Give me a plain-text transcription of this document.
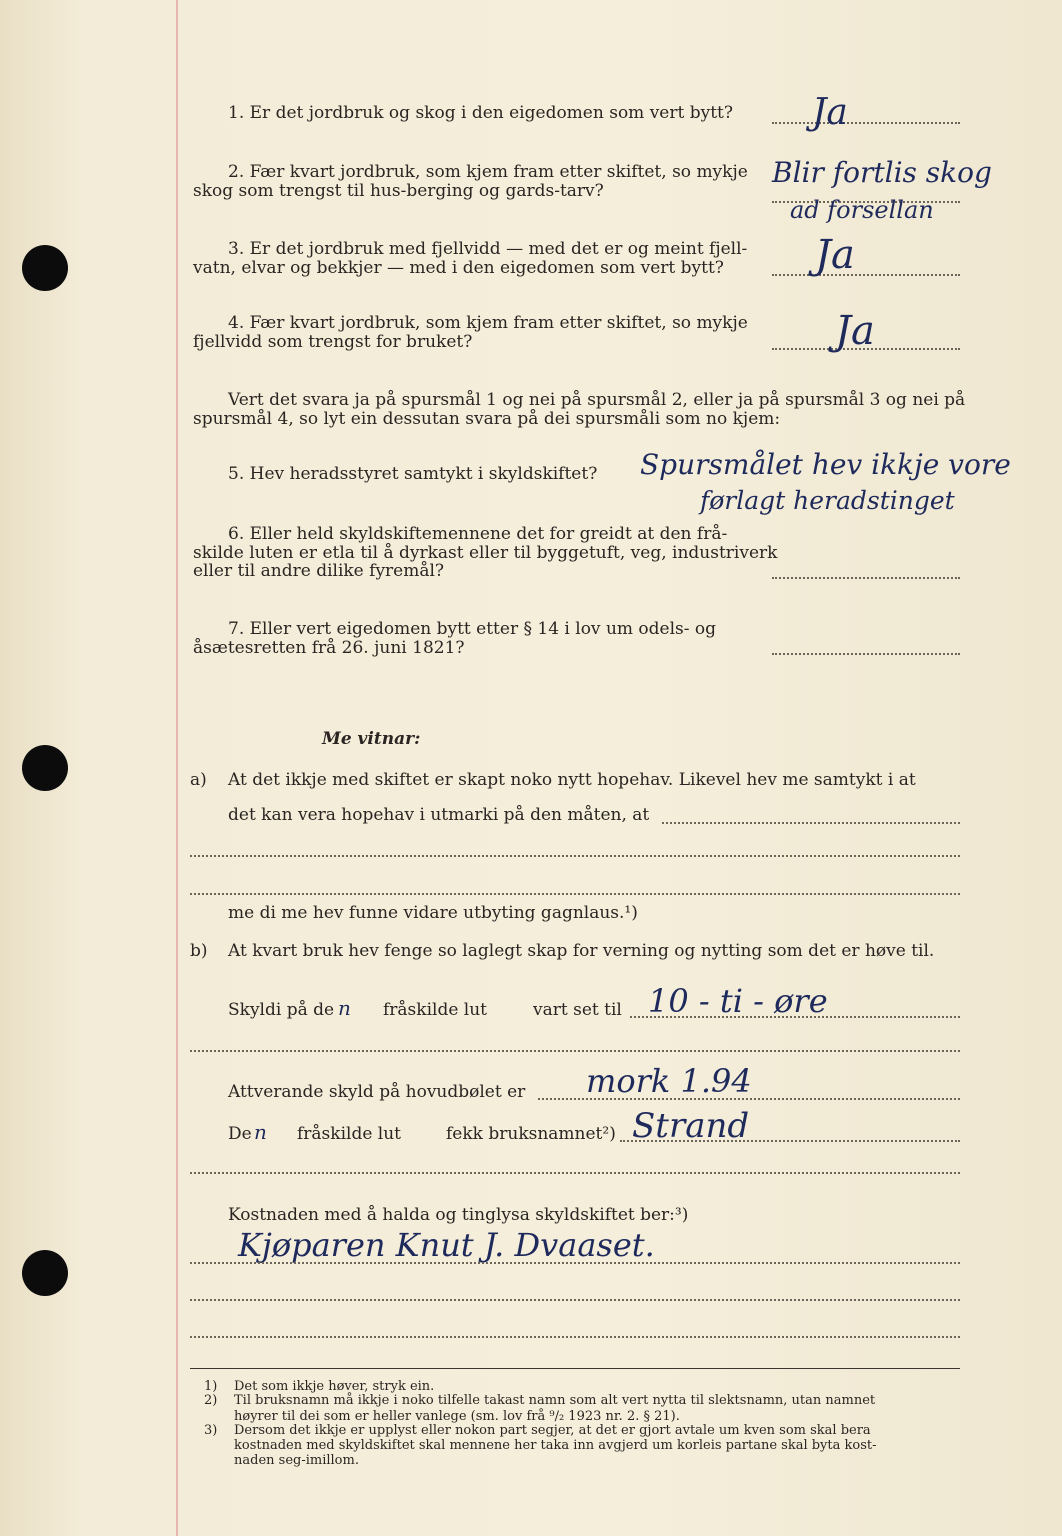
1. Er det jordbruk og skog i den eigedomen som vert bytt? Ja
2. Fær kvart jordbruk, som kjem fram etter skiftet, so mykje
skog som trengst til hus-berging og gards-tarv?
Blir fortlis skog
ad forsellan
3. Er det jordbruk med fjellvidd — med det er og meint fjell-
vatn, elvar og bekkjer — med i den eigedomen som vert bytt? Ja
4. Fær kvart jordbruk, som kjem fram etter skiftet, so mykje
fjellvidd som trengst for bruket?	Ja
Vert det svara ja på spursmål 1 og nei på spursmål 2, eller ja på spursmål 3 og nei på
spursmål 4, so lyt ein dessutan svara på dei spursmåli som no kjem:
5. Hev heradsstyret samtykt i skyldskiftet? Spursmålet hev ikkje vore
førlagt heradstinget
6. Eller held skyldskiftemennene det for greidt at den frå-
skilde luten er etla til å dyrkast eller til byggetuft, veg, industriverk
eller til andre dilike fyremål?
7. Eller vert eigedomen bytt etter § 14 i lov um odels- og
åsætesretten frå 26. juni 1821?
Me vitnar:
a) At det ikkje med skiftet er skapt noko nytt hopehav. Likevel hev me samtykt i at
det kan vera hopehav i utmarki på den måten, at
me di me hev funne vidare utbyting gagnlaus.¹)
b) At kvart bruk hev fenge so laglegt skap for verning og nytting som det er høve til.
Skyldi på de n fråskilde lut	vart set til 10 - ti - øre
Attverande skyld på hovudbølet er mork 1.94
De n fråskilde lut	fekk bruksnamnet²) Strand
Kostnaden med å halda og tinglysa skyldskiftet ber:³)
Kjøparen Knut J. Dvaaset.
1) Det som ikkje høver, stryk ein.
2) Til bruksnamn må ikkje i noko tilfelle takast namn som alt vert nytta til slektsnamn, utan namnet
høyrer til dei som er heller vanlege (sm. lov frå ⁹/₂ 1923 nr. 2. § 21).
3) Dersom det ikkje er upplyst eller nokon part segjer, at det er gjort avtale um kven som skal bera
kostnaden med skyldskiftet skal mennene her taka inn avgjerd um korleis partane skal byta kost-
naden seg-imillom.
